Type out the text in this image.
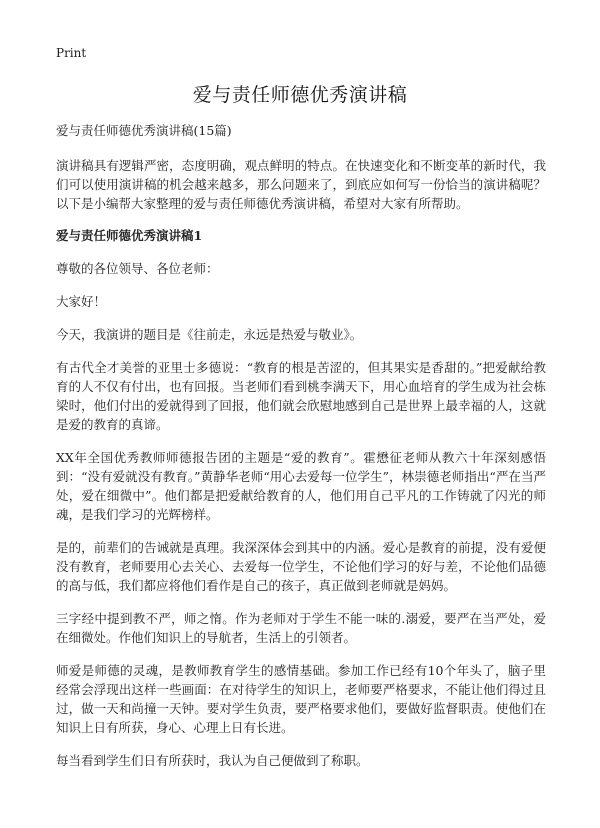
Print
爱与责任师德优秀演讲稿

爱与责任师德优秀演讲稿(15篇)

演讲稿具有逻辑严密，态度明确，观点鲜明的特点。在快速变化和不断变革的新时代，我们可以使用演讲稿的机会越来越多，那么问题来了，到底应如何写一份恰当的演讲稿呢？以下是小编帮大家整理的爱与责任师德优秀演讲稿，希望对大家有所帮助。

爱与责任师德优秀演讲稿1

尊敬的各位领导、各位老师：

大家好！

今天，我演讲的题目是《往前走，永远是热爱与敬业》。

有古代全才美誉的亚里士多德说：“教育的根是苦涩的，但其果实是香甜的。”把爱献给教育的人不仅有付出，也有回报。当老师们看到桃李满天下，用心血培育的学生成为社会栋梁时，他们付出的爱就得到了回报，他们就会欣慰地感到自己是世界上最幸福的人，这就是爱的教育的真谛。

XX年全国优秀教师师德报告团的主题是“爱的教育”。霍懋征老师从教六十年深刻感悟到：“没有爱就没有教育。”黄静华老师“用心去爱每一位学生”，林崇德老师指出“严在当严处，爱在细微中”。他们都是把爱献给教育的人，他们用自己平凡的工作铸就了闪光的师魂，是我们学习的光辉榜样。

是的，前辈们的告诫就是真理。我深深体会到其中的内涵。爱心是教育的前提，没有爱便没有教育，老师要用心去关心、去爱每一位学生，不论他们学习的好与差，不论他们品德的高与低，我们都应将他们看作是自己的孩子，真正做到老师就是妈妈。

三字经中提到教不严，师之惰。作为老师对于学生不能一味的.溺爱，要严在当严处，爱在细微处。作他们知识上的导航者，生活上的引领者。

师爱是师德的灵魂，是教师教育学生的感情基础。参加工作已经有10个年头了，脑子里经常会浮现出这样一些画面：在对待学生的知识上，老师要严格要求，不能让他们得过且过，做一天和尚撞一天钟。要对学生负责，要严格要求他们，要做好监督职责。使他们在知识上日有所获，身心、心理上日有长进。

每当看到学生们日有所获时，我认为自己便做到了称职。
